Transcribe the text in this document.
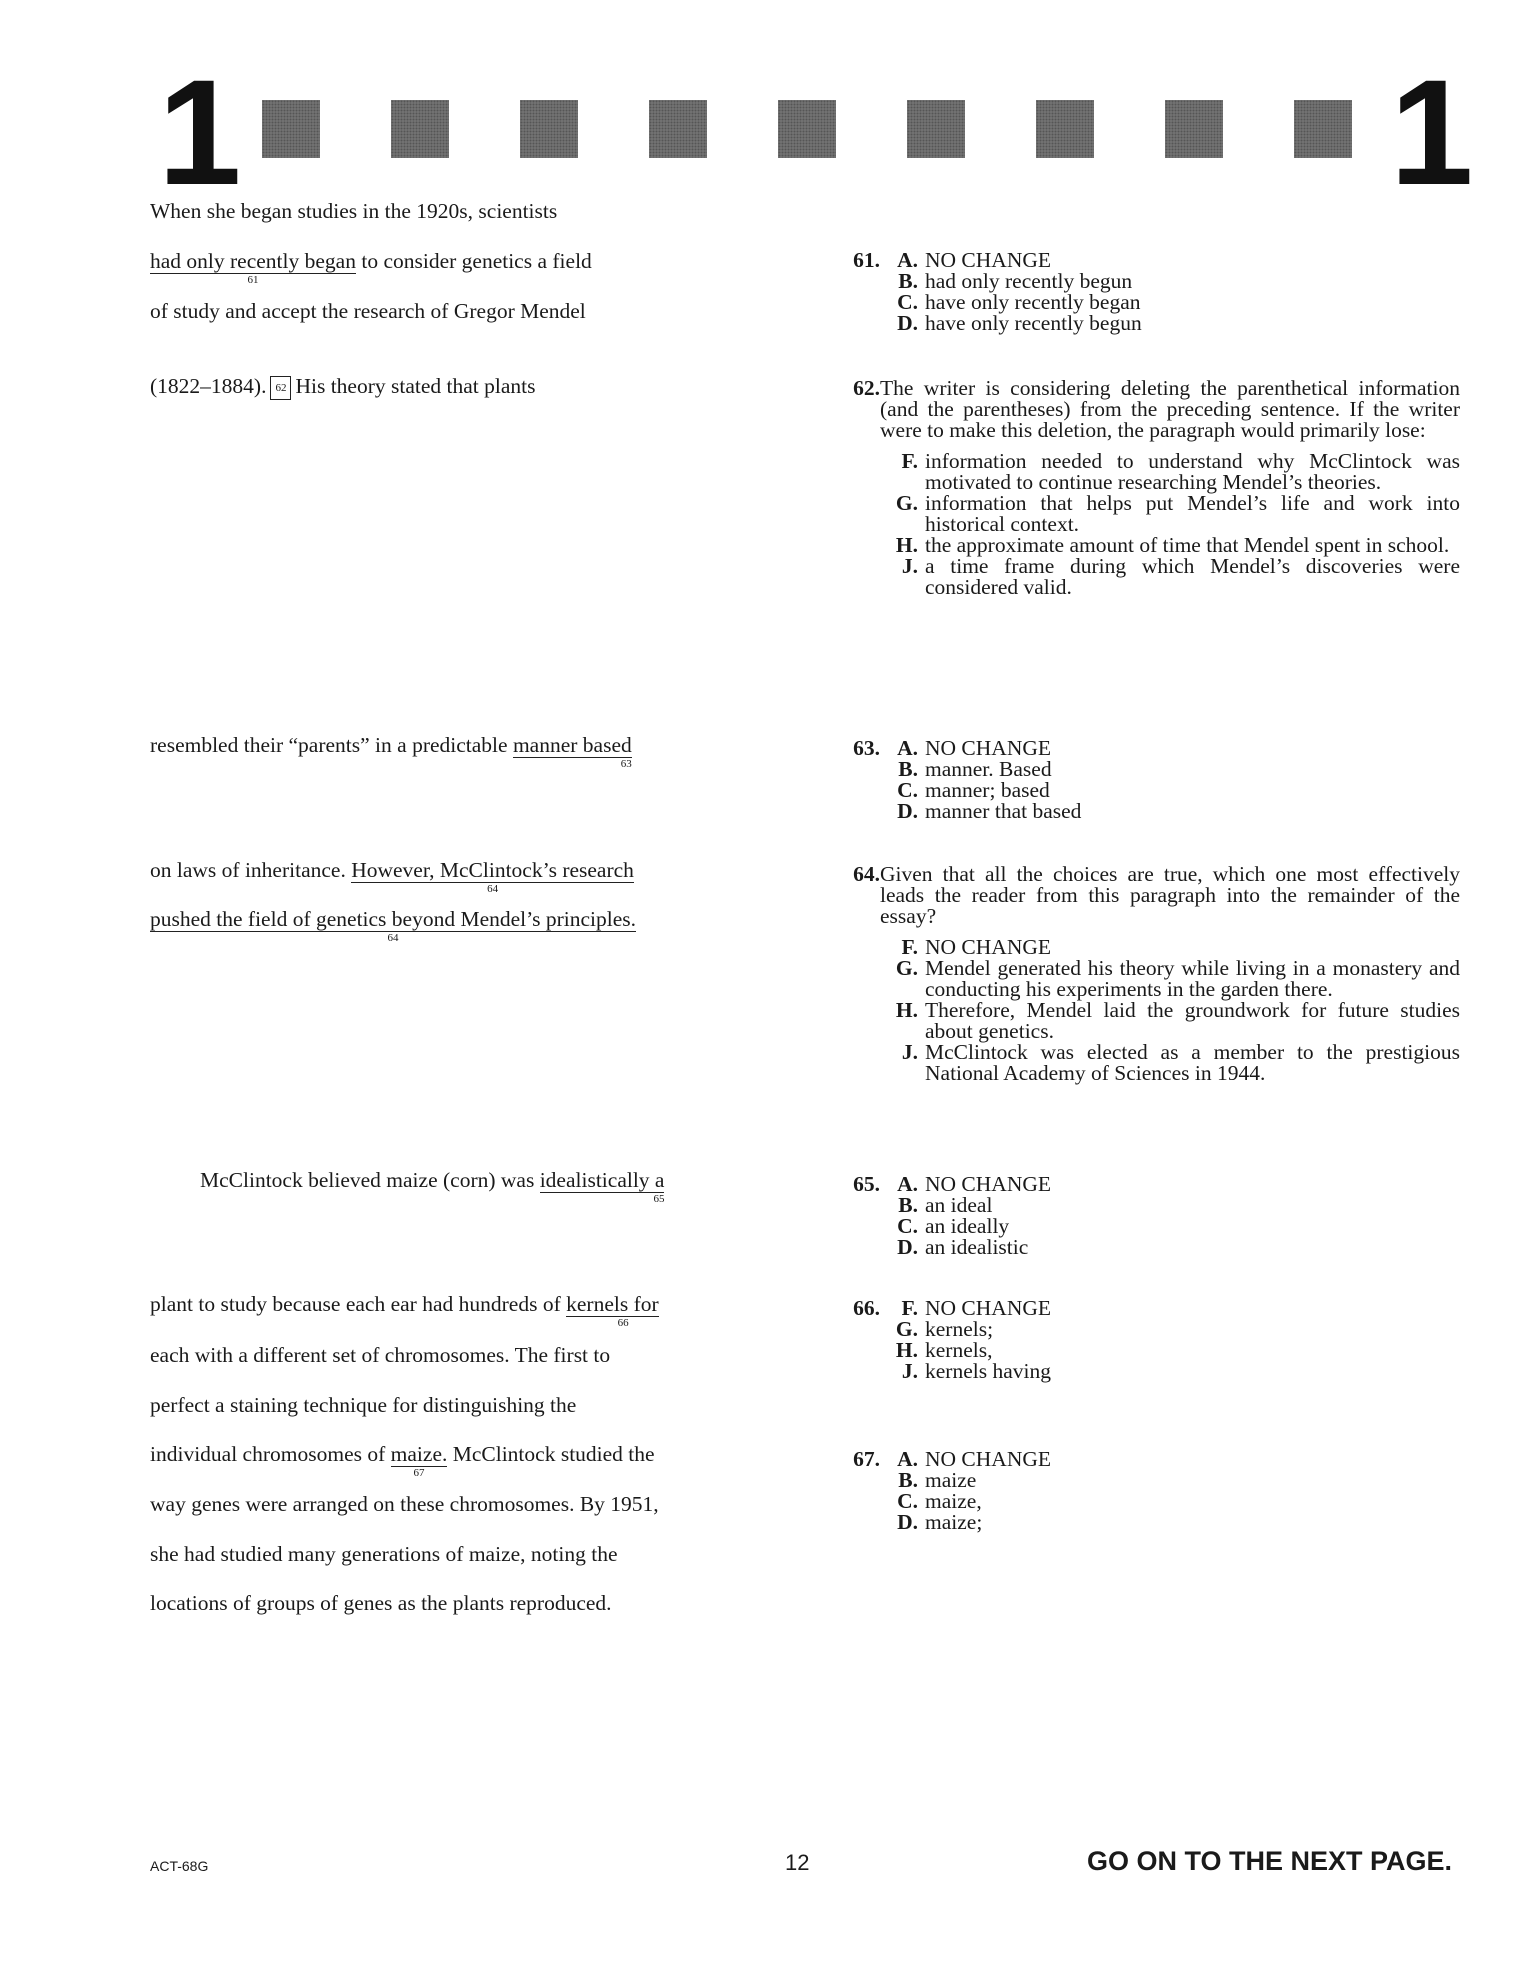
1	1
When she began studies in the 1920s, scientists
had only recently began
61
to consider genetics a field
of study and accept the research of Gregor Mendel
(1822–1884). 62 His theory stated that plants
resembled their “parents” in a predictable manner based
63
on laws of inheritance. However, McClintock’s research
64
pushed the field of genetics beyond Mendel’s principles.
64
McClintock believed maize (corn) was idealistically a
65
plant to study because each ear had hundreds of kernels for
66
each with a different set of chromosomes. The first to
perfect a staining technique for distinguishing the
individual chromosomes of maize.
67
McClintock studied the
way genes were arranged on these chromosomes. By 1951,
she had studied many generations of maize, noting the
locations of groups of genes as the plants reproduced.
61. A. NO CHANGE
B. had only recently begun
C. have only recently began
D. have only recently begun
62. The writer is considering deleting the parenthetical information (and the parentheses) from the preceding sentence. If the writer were to make this deletion, the paragraph would primarily lose:
F. information needed to understand why McClintock was motivated to continue researching Mendel’s theories.
G. information that helps put Mendel’s life and work into historical context.
H. the approximate amount of time that Mendel spent in school.
J. a time frame during which Mendel’s discoveries were considered valid.
63. A. NO CHANGE
B. manner. Based
C. manner; based
D. manner that based
64. Given that all the choices are true, which one most effectively leads the reader from this paragraph into the remainder of the essay?
F. NO CHANGE
G. Mendel generated his theory while living in a monastery and conducting his experiments in the garden there.
H. Therefore, Mendel laid the groundwork for future studies about genetics.
J. McClintock was elected as a member to the prestigious National Academy of Sciences in 1944.
65. A. NO CHANGE
B. an ideal
C. an ideally
D. an idealistic
66. F. NO CHANGE
G. kernels;
H. kernels,
J. kernels having
67. A. NO CHANGE
B. maize
C. maize,
D. maize;
ACT-68G	12	GO ON TO THE NEXT PAGE.
